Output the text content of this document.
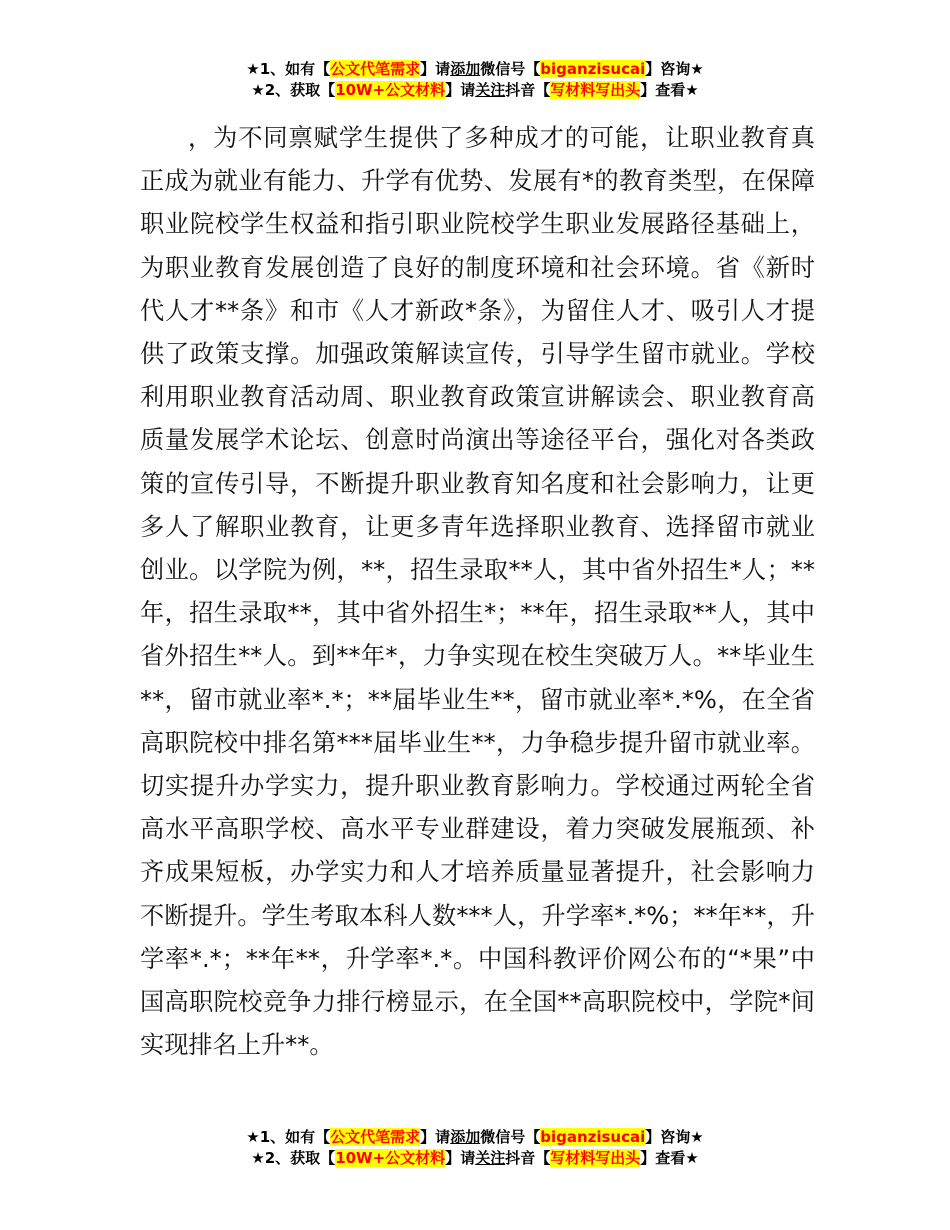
★1、如有【公文代笔需求】请添加微信号【biganzisucai】咨询★
★2、获取【10W+公文材料】请关注抖音【写材料写出头】查看★

，为不同禀赋学生提供了多种成才的可能，让职业教育真正成为就业有能力、升学有优势、发展有*的教育类型，在保障职业院校学生权益和指引职业院校学生职业发展路径基础上，为职业教育发展创造了良好的制度环境和社会环境。省《新时代人才**条》和市《人才新政*条》，为留住人才、吸引人才提供了政策支撑。加强政策解读宣传，引导学生留市就业。学校利用职业教育活动周、职业教育政策宣讲解读会、职业教育高质量发展学术论坛、创意时尚演出等途径平台，强化对各类政策的宣传引导，不断提升职业教育知名度和社会影响力，让更多人了解职业教育，让更多青年选择职业教育、选择留市就业创业。以学院为例，**，招生录取**人，其中省外招生*人；**年，招生录取**，其中省外招生*；**年，招生录取**人，其中省外招生**人。到**年*，力争实现在校生突破万人。**毕业生**，留市就业率*.*；**届毕业生**，留市就业率*.*%，在全省高职院校中排名第***届毕业生**，力争稳步提升留市就业率。切实提升办学实力，提升职业教育影响力。学校通过两轮全省高水平高职学校、高水平专业群建设，着力突破发展瓶颈、补齐成果短板，办学实力和人才培养质量显著提升，社会影响力不断提升。学生考取本科人数***人，升学率*.*%；**年**，升学率*.*；**年**，升学率*.*。中国科教评价网公布的“*果”中国高职院校竞争力排行榜显示，在全国**高职院校中，学院*间实现排名上升**。

★1、如有【公文代笔需求】请添加微信号【biganzisucai】咨询★
★2、获取【10W+公文材料】请关注抖音【写材料写出头】查看★
